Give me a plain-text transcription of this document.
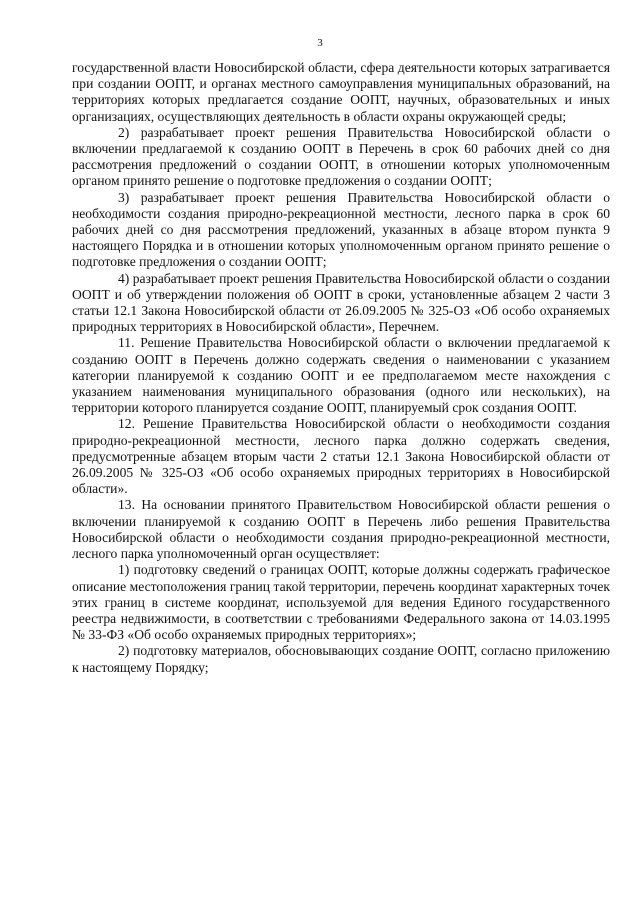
3

государственной власти Новосибирской области, сфера деятельности которых затрагивается при создании ООПТ, и органах местного самоуправления муниципальных образований, на территориях которых предлагается создание ООПТ, научных, образовательных и иных организациях, осуществляющих деятельность в области охраны окружающей среды;

2) разрабатывает проект решения Правительства Новосибирской области о включении предлагаемой к созданию ООПТ в Перечень в срок 60 рабочих дней со дня рассмотрения предложений о создании ООПТ, в отношении которых уполномоченным органом принято решение о подготовке предложения о создании ООПТ;

3) разрабатывает проект решения Правительства Новосибирской области о необходимости создания природно-рекреационной местности, лесного парка в срок 60 рабочих дней со дня рассмотрения предложений, указанных в абзаце втором пункта 9 настоящего Порядка и в отношении которых уполномоченным органом принято решение о подготовке предложения о создании ООПТ;

4) разрабатывает проект решения Правительства Новосибирской области о создании ООПТ и об утверждении положения об ООПТ в сроки, установленные абзацем 2 части 3 статьи 12.1 Закона Новосибирской области от 26.09.2005 № 325-ОЗ «Об особо охраняемых природных территориях в Новосибирской области», Перечнем.

11. Решение Правительства Новосибирской области о включении предлагаемой к созданию ООПТ в Перечень должно содержать сведения о наименовании с указанием категории планируемой к созданию ООПТ и ее предполагаемом месте нахождения с указанием наименования муниципального образования (одного или нескольких), на территории которого планируется создание ООПТ, планируемый срок создания ООПТ.

12. Решение Правительства Новосибирской области о необходимости создания природно-рекреационной местности, лесного парка должно содержать сведения, предусмотренные абзацем вторым части 2 статьи 12.1 Закона Новосибирской области от 26.09.2005 № 325-ОЗ «Об особо охраняемых природных территориях в Новосибирской области».

13. На основании принятого Правительством Новосибирской области решения о включении планируемой к созданию ООПТ в Перечень либо решения Правительства Новосибирской области о необходимости создания природно-рекреационной местности, лесного парка уполномоченный орган осуществляет:

1) подготовку сведений о границах ООПТ, которые должны содержать графическое описание местоположения границ такой территории, перечень координат характерных точек этих границ в системе координат, используемой для ведения Единого государственного реестра недвижимости, в соответствии с требованиями Федерального закона от 14.03.1995 № 33-ФЗ «Об особо охраняемых природных территориях»;

2) подготовку материалов, обосновывающих создание ООПТ, согласно приложению к настоящему Порядку;
